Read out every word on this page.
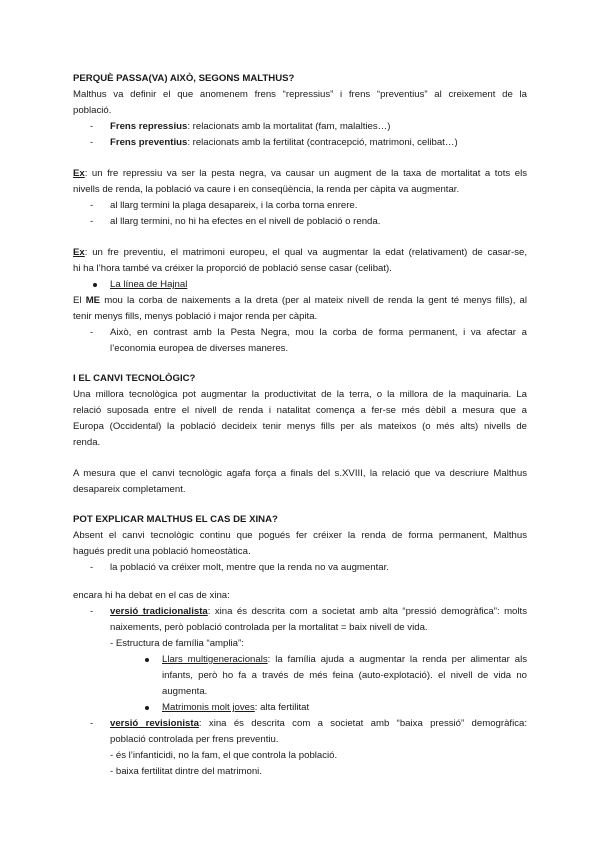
PERQUÈ PASSA(VA) AIXÒ, SEGONS MALTHUS?
Malthus va definir el que anomenem frens “repressius” i frens “preventius” al creixement de la
població.
-	Frens repressius: relacionats amb la mortalitat (fam, malalties…)
-	Frens preventius: relacionats amb la fertilitat (contracepció, matrimoni, celibat…)
Ex: un fre repressiu va ser la pesta negra, va causar un augment de la taxa de mortalitat a tots els
nivells de renda, la població va caure i en conseqüència, la renda per càpita va augmentar.
-	al llarg termini la plaga desapareix, i la corba torna enrere.
-	al llarg termini, no hi ha efectes en el nivell de població o renda.
Ex: un fre preventiu, el matrimoni europeu, el qual va augmentar la edat (relativament) de casar-se,
hi ha l’hora també va créixer la proporció de població sense casar (celibat).
La línea de Hajnal
El ME mou la corba de naixements a la dreta (per al mateix nivell de renda la gent té menys fills), al
tenir menys fills, menys població i major renda per càpita.
-	Això, en contrast amb la Pesta Negra, mou la corba de forma permanent, i va afectar a
l’economia europea de diverses maneres.
I EL CANVI TECNOLÒGIC?
Una millora tecnològica pot augmentar la productivitat de la terra, o la millora de la maquinaria. La
relació suposada entre el nivell de renda i natalitat comença a fer-se més dèbil a mesura que a
Europa (Occidental) la població decideix tenir menys fills per als mateixos (o més alts) nivells de
renda.
A mesura que el canvi tecnològic agafa força a finals del s.XVIII, la relació que va descriure Malthus
desapareix completament.
POT EXPLICAR MALTHUS EL CAS DE XINA?
Absent el canvi tecnològic continu que pogués fer créixer la renda de forma permanent, Malthus
hagués predit una població homeostàtica.
-	la població va créixer molt, mentre que la renda no va augmentar.
encara hi ha debat en el cas de xina:
-	versió tradicionalista: xina és descrita com a societat amb alta “pressió demogràfica”: molts
naixements, però població controlada per la mortalitat = baix nivell de vida.
- Estructura de família “amplia”:
Llars multigeneracionals: la família ajuda a augmentar la renda per alimentar als
infants, però ho fa a través de més feina (auto-explotació). el nivell de vida no
augmenta.
Matrimonis molt joves: alta fertilitat
-	versió revisionista: xina és descrita com a societat amb “baixa pressió” demogràfica:
població controlada per frens preventiu.
- és l’infanticidi, no la fam, el que controla la població.
- baixa fertilitat dintre del matrimoni.
